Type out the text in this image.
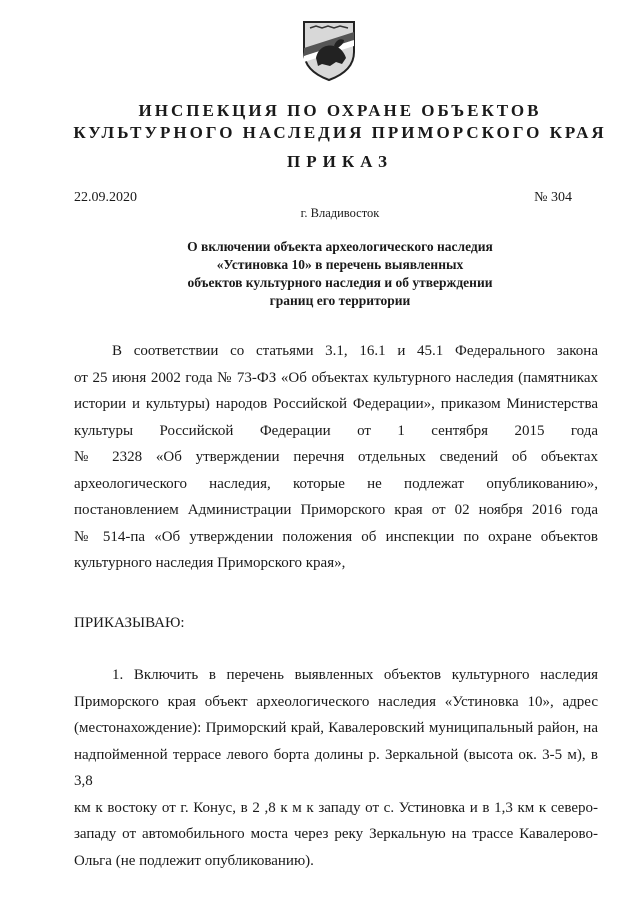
ИНСПЕКЦИЯ ПО ОХРАНЕ ОБЪЕКТОВ
КУЛЬТУРНОГО НАСЛЕДИЯ ПРИМОРСКОГО КРАЯ
ПРИКАЗ
22.09.2020	№ 304
г. Владивосток
О включении объекта археологического наследия
«Устиновка 10» в перечень выявленных
объектов культурного наследия и об утверждении
границ его территории
В соответствии со статьями 3.1, 16.1 и 45.1 Федерального закона
от 25 июня 2002 года № 73-ФЗ «Об объектах культурного наследия (памятниках
истории и культуры) народов Российской Федерации», приказом Министерства
культуры Российской Федерации от 1 сентября 2015 года
№ 2328 «Об утверждении перечня отдельных сведений об объектах
археологического наследия, которые не подлежат опубликованию»,
постановлением Администрации Приморского края от 02 ноября 2016 года
№ 514-па «Об утверждении положения об инспекции по охране объектов
культурного наследия Приморского края»,
ПРИКАЗЫВАЮ:
1. Включить в перечень выявленных объектов культурного наследия
Приморского края объект археологического наследия «Устиновка 10», адрес
(местонахождение): Приморский край, Кавалеровский муниципальный район, на
надпойменной террасе левого борта долины р. Зеркальной (высота ок. 3-5 м), в 3,8
км к востоку от г. Конус, в 2 ,8 к м к западу от с. Устиновка и в 1,3 км к северо-
западу от автомобильного моста через реку Зеркальную на трассе Кавалерово-
Ольга (не подлежит опубликованию).
